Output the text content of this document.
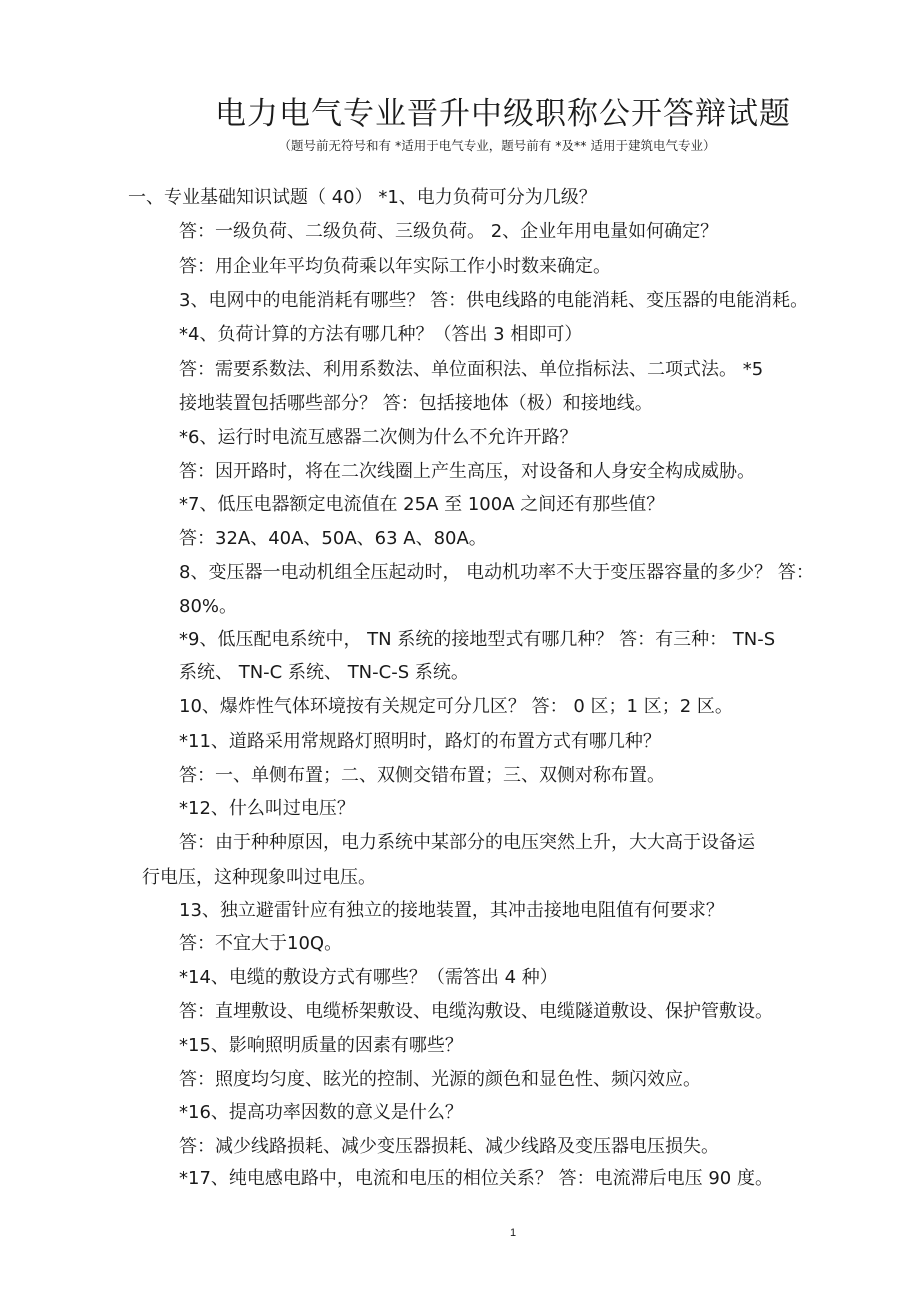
电力电气专业晋升中级职称公开答辩试题
（题号前无符号和有 *适用于电气专业，题号前有 *及** 适用于建筑电气专业）
一、专业基础知识试题（ 40） *1、电力负荷可分为几级？
答：一级负荷、二级负荷、三级负荷。 2、企业年用电量如何确定？
答：用企业年平均负荷乘以年实际工作小时数来确定。
3、电网中的电能消耗有哪些？ 答：供电线路的电能消耗、变压器的电能消耗。
*4、负荷计算的方法有哪几种？（答出 3 相即可）
答：需要系数法、利用系数法、单位面积法、单位指标法、二项式法。 *5
接地装置包括哪些部分？ 答：包括接地体（极）和接地线。
*6、运行时电流互感器二次侧为什么不允许开路？
答：因开路时，将在二次线圈上产生高压，对设备和人身安全构成威胁。
*7、低压电器额定电流值在 25A 至 100A 之间还有那些值？
答：32A、40A、50A、63 A、80A。
8、变压器一电动机组全压起动时， 电动机功率不大于变压器容量的多少？ 答：
80%。
*9、低压配电系统中， TN 系统的接地型式有哪几种？ 答：有三种： TN-S
系统、 TN-C 系统、 TN-C-S 系统。
10、爆炸性气体环境按有关规定可分几区？ 答： 0 区；1 区；2 区。
*11、道路采用常规路灯照明时，路灯的布置方式有哪几种？
答：一、单侧布置；二、双侧交错布置；三、双侧对称布置。
*12、什么叫过电压？
答：由于种种原因，电力系统中某部分的电压突然上升，大大高于设备运
行电压，这种现象叫过电压。
13、独立避雷针应有独立的接地装置，其冲击接地电阻值有何要求？
答：不宜大于10Q。
*14、电缆的敷设方式有哪些？（需答出 4 种）
答：直埋敷设、电缆桥架敷设、电缆沟敷设、电缆隧道敷设、保护管敷设。
*15、影响照明质量的因素有哪些？
答：照度均匀度、眩光的控制、光源的颜色和显色性、频闪效应。
*16、提高功率因数的意义是什么？
答：减少线路损耗、减少变压器损耗、减少线路及变压器电压损失。
*17、纯电感电路中，电流和电压的相位关系？ 答：电流滞后电压 90 度。
1
